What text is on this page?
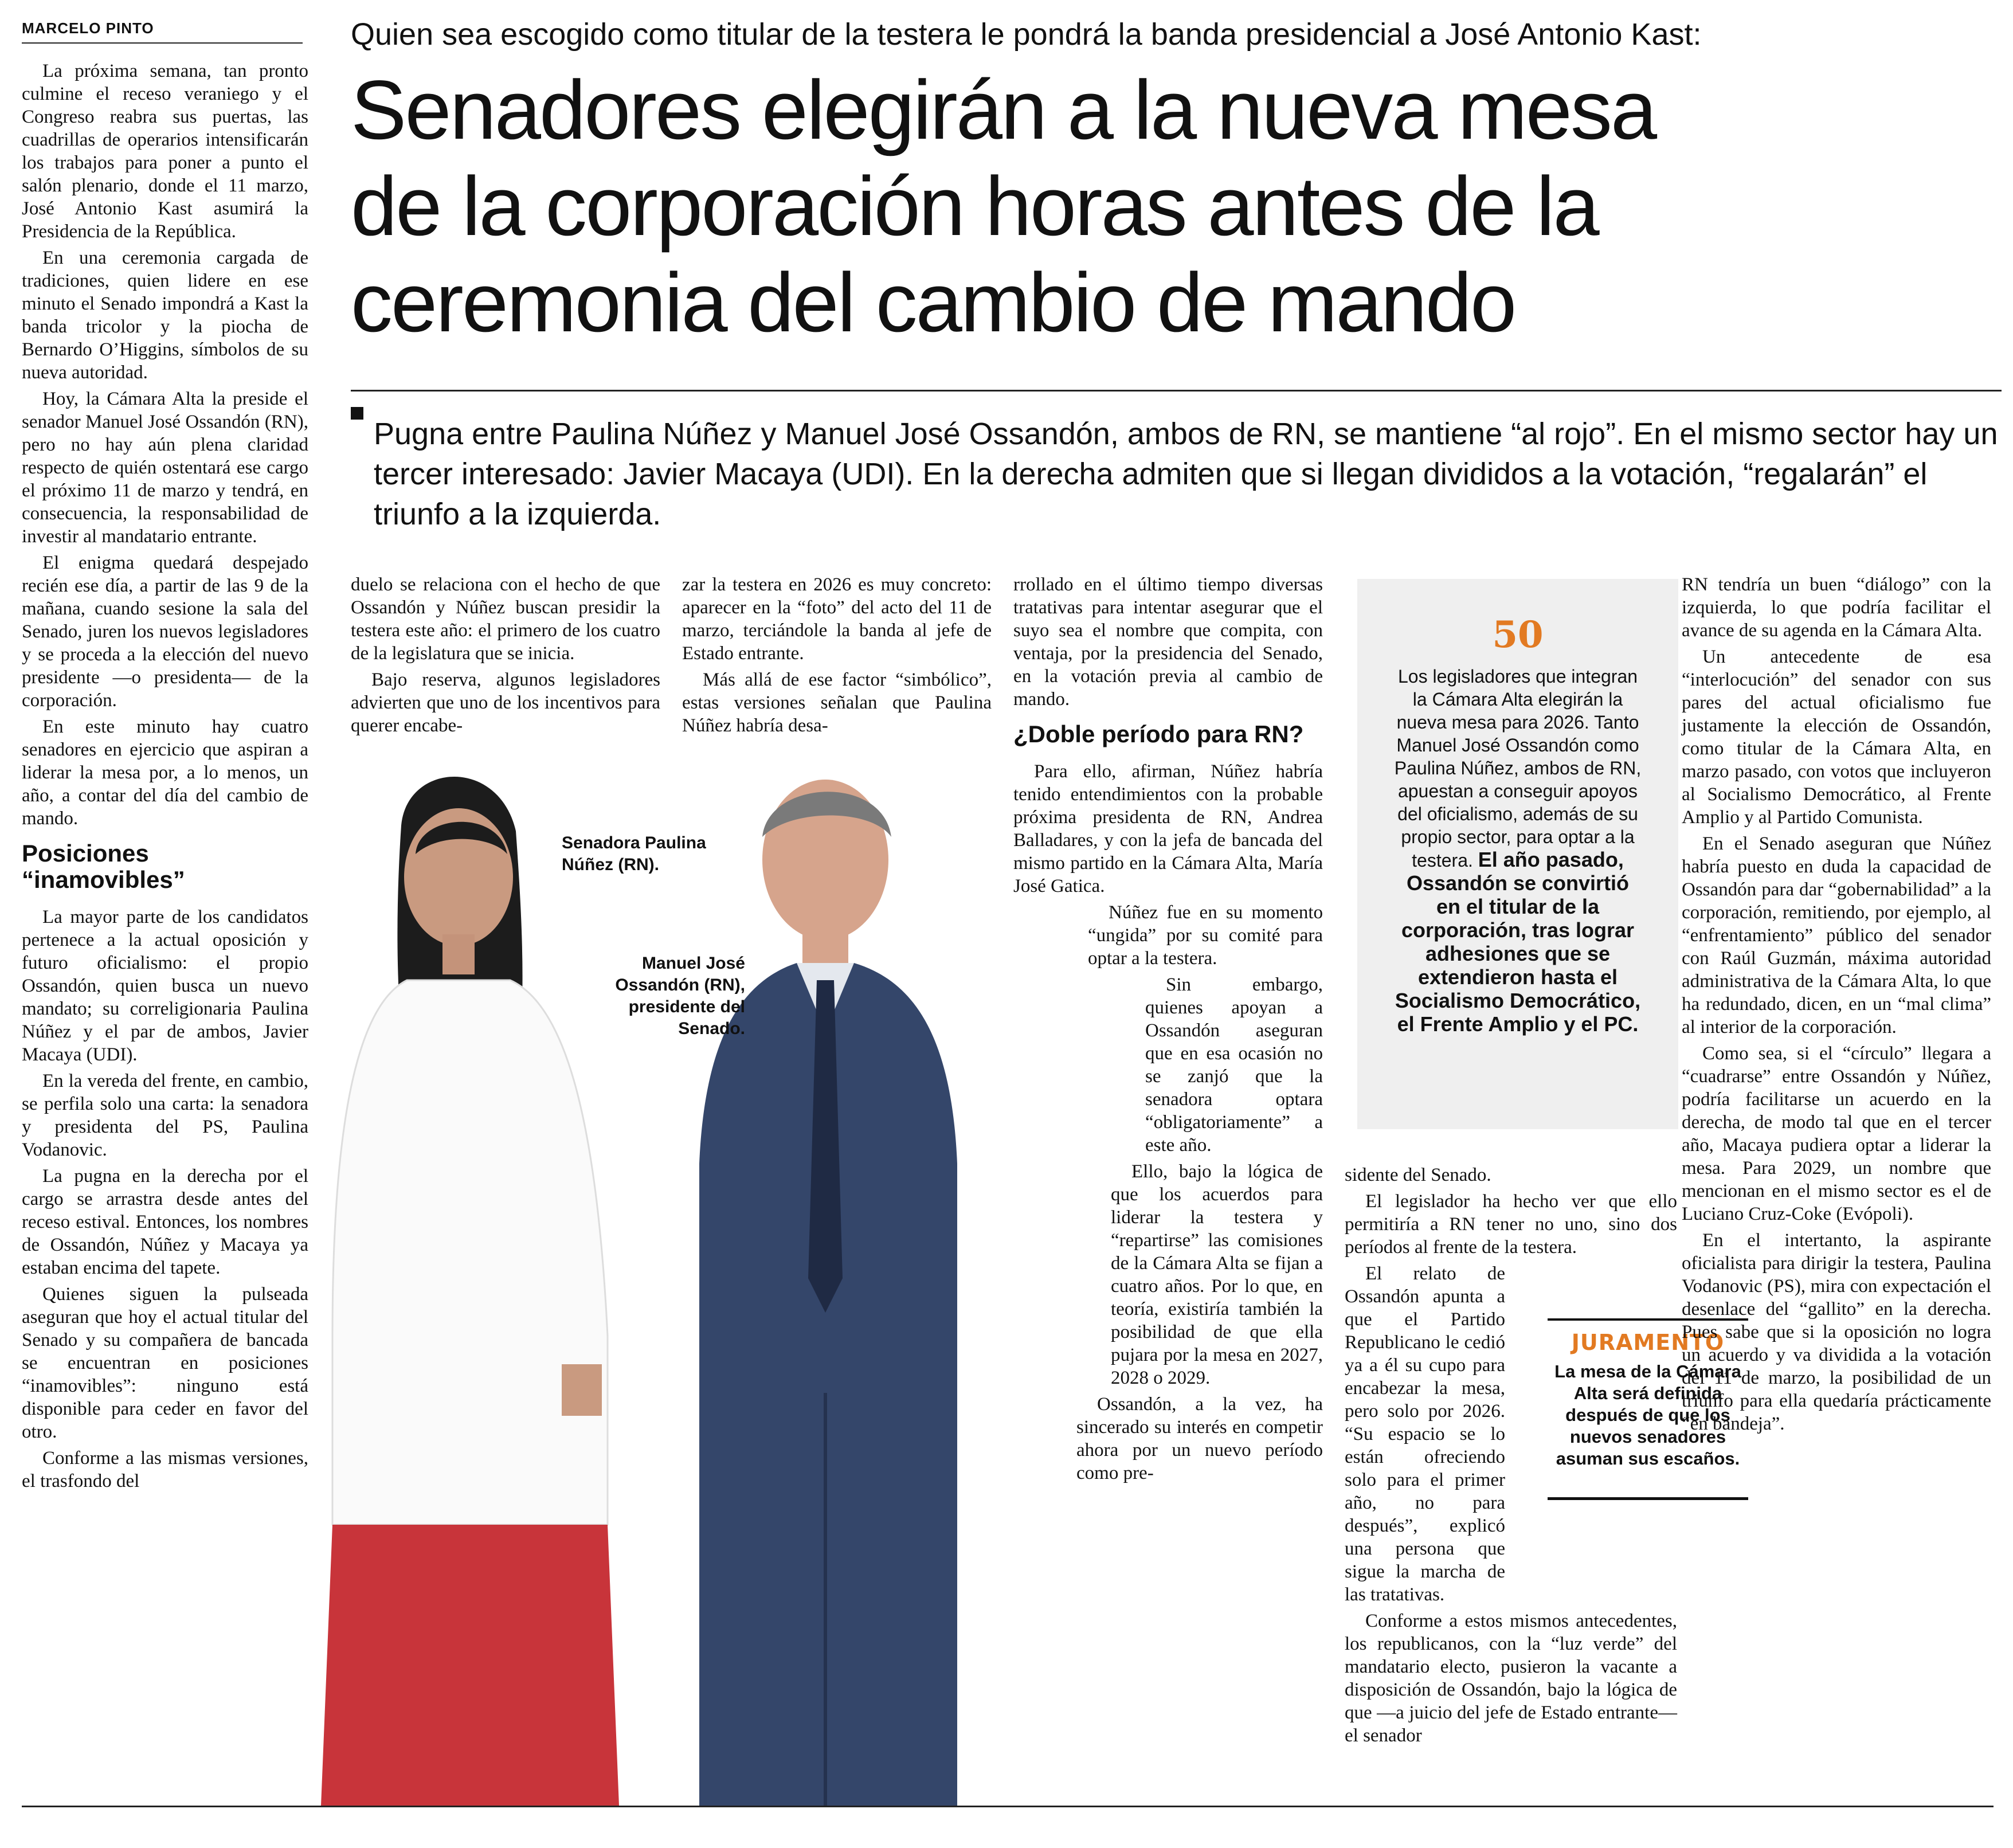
MARCELO PINTO	Quien sea escogido como titular de la testera le pondrá la banda presidencial a José Antonio Kast:
Senadores elegirán a la nueva mesa
de la corporación horas antes de la
ceremonia del cambio de mando
Pugna entre Paulina Núñez y Manuel José Ossandón, ambos de RN, se mantiene “al rojo”. En el mismo sector hay un tercer interesado: Javier Macaya (UDI). En la derecha admiten que si llegan divididos a la votación, “regalarán” el triunfo a la izquierda.

La próxima semana, tan pronto culmine el receso veraniego y el Congreso reabra sus puertas, las cuadrillas de operarios intensificarán los trabajos para poner a punto el salón plenario, donde el 11 marzo, José Antonio Kast asumirá la Presidencia de la República.

En una ceremonia cargada de tradiciones, quien lidere en ese minuto el Senado impondrá a Kast la banda tricolor y la piocha de Bernardo O’Higgins, símbolos de su nueva autoridad.

Hoy, la Cámara Alta la preside el senador Manuel José Ossandón (RN), pero no hay aún plena claridad respecto de quién ostentará ese cargo el próximo 11 de marzo y tendrá, en consecuencia, la responsabilidad de investir al mandatario entrante.

El enigma quedará despejado recién ese día, a partir de las 9 de la mañana, cuando sesione la sala del Senado, juren los nuevos legisladores y se proceda a la elección del nuevo presidente —o presidenta— de la corporación.

En este minuto hay cuatro senadores en ejercicio que aspiran a liderar la mesa por, a lo menos, un año, a contar del día del cambio de mando.

Posiciones “inamovibles”

La mayor parte de los candidatos pertenece a la actual oposición y futuro oficialismo: el propio Ossandón, quien busca un nuevo mandato; su correligionaria Paulina Núñez y el par de ambos, Javier Macaya (UDI).

En la vereda del frente, en cambio, se perfila solo una carta: la senadora y presidenta del PS, Paulina Vodanovic.

La pugna en la derecha por el cargo se arrastra desde antes del receso estival. Entonces, los nombres de Ossandón, Núñez y Macaya ya estaban encima del tapete.

Quienes siguen la pulseada aseguran que hoy el actual titular del Senado y su compañera de bancada se encuentran en posiciones “inamovibles”: ninguno está disponible para ceder en favor del otro.

Conforme a las mismas versiones, el trasfondo del

duelo se relaciona con el hecho de que Ossandón y Núñez buscan presidir la testera este año: el primero de los cuatro de la legislatura que se inicia.

Bajo reserva, algunos legisladores advierten que uno de los incentivos para querer encabe-

zar la testera en 2026 es muy concreto: aparecer en la “foto” del acto del 11 de marzo, terciándole la banda al jefe de Estado entrante.

Más allá de ese factor “simbólico”, estas versiones señalan que Paulina Núñez habría desa-

Senadora Paulina Núñez (RN).
Manuel José Ossandón (RN), presidente del Senado.

rrollado en el último tiempo diversas tratativas para intentar asegurar que el suyo sea el nombre que compita, con ventaja, por la presidencia del Senado, en la votación previa al cambio de mando.

¿Doble período para RN?

Para ello, afirman, Núñez habría tenido entendimientos con la probable próxima presidenta de RN, Andrea Balladares, y con la jefa de bancada del mismo partido en la Cámara Alta, María José Gatica.

Núñez fue en su momento “ungida” por su comité para optar a la testera.

Sin embargo, quienes apoyan a Ossandón aseguran que en esa ocasión no se zanjó que la senadora optara “obligatoriamente” a este año.

Ello, bajo la lógica de que los acuerdos para liderar la testera y “repartirse” las comisiones de la Cámara Alta se fijan a cuatro años. Por lo que, en teoría, existiría también la posibilidad de que ella pujara por la mesa en 2027, 2028 o 2029.

Ossandón, a la vez, ha sincerado su interés en competir ahora por un nuevo período como pre-

50
Los legisladores que integran la Cámara Alta elegirán la nueva mesa para 2026. Tanto Manuel José Ossandón como Paulina Núñez, ambos de RN, apuestan a conseguir apoyos del oficialismo, además de su propio sector, para optar a la testera. El año pasado, Ossandón se convirtió en el titular de la corporación, tras lograr adhesiones que se extendieron hasta el Socialismo Democrático, el Frente Amplio y el PC.

sidente del Senado.

El legislador ha hecho ver que ello permitiría a RN tener no uno, sino dos períodos al frente de la testera.

El relato de Ossandón apunta a que el Partido Republicano le cedió ya a él su cupo para encabezar la mesa, pero solo por 2026. “Su espacio se lo están ofreciendo solo para el primer año, no para después”, explicó una persona que sigue la marcha de las tratativas.

Conforme a estos mismos antecedentes, los republicanos, con la “luz verde” del mandatario electo, pusieron la vacante a disposición de Ossandón, bajo la lógica de que —a juicio del jefe de Estado entrante— el senador

JURAMENTO
La mesa de la Cámara Alta será definida después de que los nuevos senadores asuman sus escaños.

RN tendría un buen “diálogo” con la izquierda, lo que podría facilitar el avance de su agenda en la Cámara Alta.

Un antecedente de esa “interlocución” del senador con sus pares del actual oficialismo fue justamente la elección de Ossandón, como titular de la Cámara Alta, en marzo pasado, con votos que incluyeron al Socialismo Democrático, al Frente Amplio y al Partido Comunista.

En el Senado aseguran que Núñez habría puesto en duda la capacidad de Ossandón para dar “gobernabilidad” a la corporación, remitiendo, por ejemplo, al “enfrentamiento” público del senador con Raúl Guzmán, máxima autoridad administrativa de la Cámara Alta, lo que ha redundado, dicen, en un “mal clima” al interior de la corporación.

Como sea, si el “círculo” llegara a “cuadrarse” entre Ossandón y Núñez, podría facilitarse un acuerdo en la derecha, de modo tal que en el tercer año, Macaya pudiera optar a liderar la mesa. Para 2029, un nombre que mencionan en el mismo sector es el de Luciano Cruz-Coke (Evópoli).

En el intertanto, la aspirante oficialista para dirigir la testera, Paulina Vodanovic (PS), mira con expectación el desenlace del “gallito” en la derecha. Pues sabe que si la oposición no logra un acuerdo y va dividida a la votación del 11 de marzo, la posibilidad de un triunfo para ella quedaría prácticamente “en bandeja”.
